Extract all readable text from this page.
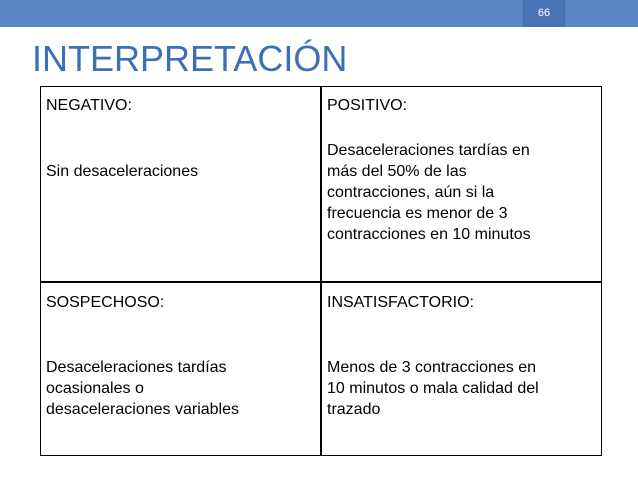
66
INTERPRETACIÓN
NEGATIVO:
Sin desaceleraciones
POSITIVO:
Desaceleraciones tardías en
más del 50% de las
contracciones, aún si la
frecuencia es menor de 3
contracciones en 10 minutos
SOSPECHOSO:
Desaceleraciones tardías
ocasionales o
desaceleraciones variables
INSATISFACTORIO:
Menos de 3 contracciones en
10 minutos o mala calidad del
trazado
